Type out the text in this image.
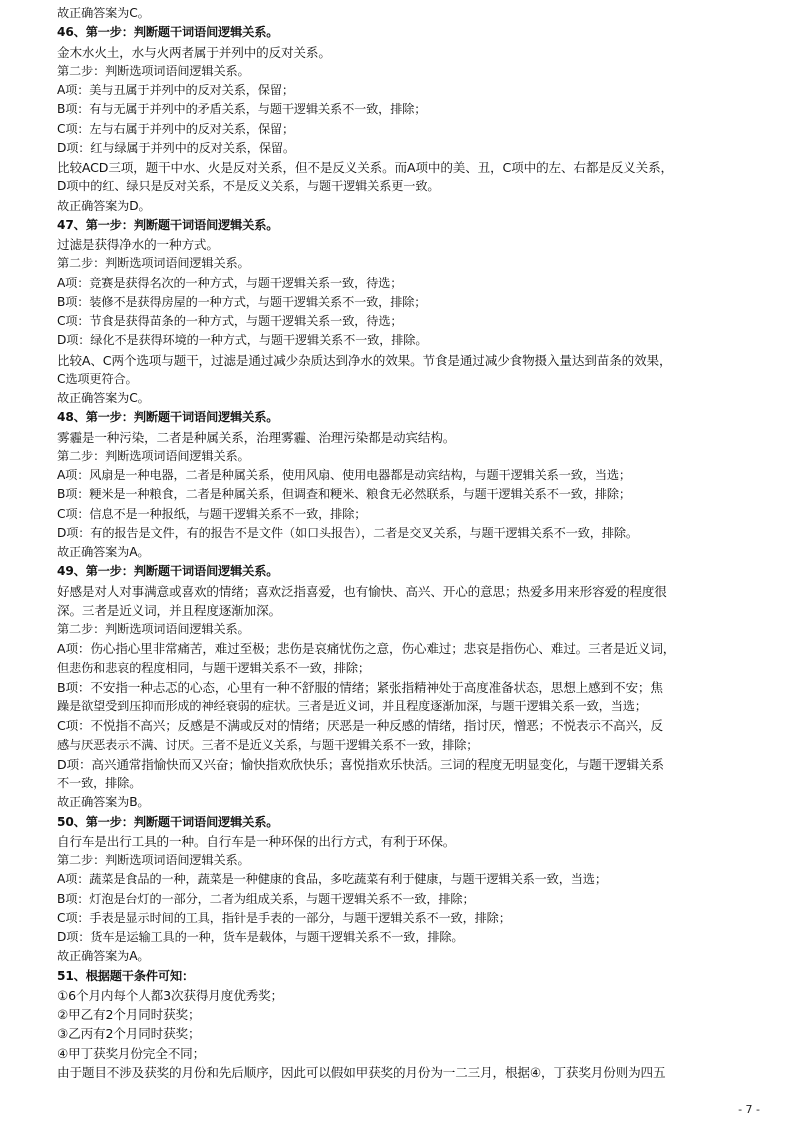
故正确答案为C。
46、第一步：判断题干词语间逻辑关系。
金木水火土，水与火两者属于并列中的反对关系。
第二步：判断选项词语间逻辑关系。
A项：美与丑属于并列中的反对关系，保留；
B项：有与无属于并列中的矛盾关系，与题干逻辑关系不一致，排除；
C项：左与右属于并列中的反对关系，保留；
D项：红与绿属于并列中的反对关系，保留。
比较ACD三项，题干中水、火是反对关系，但不是反义关系。而A项中的美、丑，C项中的左、右都是反义关系，
D项中的红、绿只是反对关系，不是反义关系，与题干逻辑关系更一致。
故正确答案为D。
47、第一步：判断题干词语间逻辑关系。
过滤是获得净水的一种方式。
第二步：判断选项词语间逻辑关系。
A项：竞赛是获得名次的一种方式，与题干逻辑关系一致，待选；
B项：装修不是获得房屋的一种方式，与题干逻辑关系不一致，排除；
C项：节食是获得苗条的一种方式，与题干逻辑关系一致，待选；
D项：绿化不是获得环境的一种方式，与题干逻辑关系不一致，排除。
比较A、C两个选项与题干，过滤是通过减少杂质达到净水的效果。节食是通过减少食物摄入量达到苗条的效果，
C选项更符合。
故正确答案为C。
48、第一步：判断题干词语间逻辑关系。
雾霾是一种污染，二者是种属关系，治理雾霾、治理污染都是动宾结构。
第二步：判断选项词语间逻辑关系。
A项：风扇是一种电器，二者是种属关系，使用风扇、使用电器都是动宾结构，与题干逻辑关系一致，当选；
B项：粳米是一种粮食，二者是种属关系，但调查和粳米、粮食无必然联系，与题干逻辑关系不一致，排除；
C项：信息不是一种报纸，与题干逻辑关系不一致，排除；
D项：有的报告是文件，有的报告不是文件（如口头报告），二者是交叉关系，与题干逻辑关系不一致，排除。
故正确答案为A。
49、第一步：判断题干词语间逻辑关系。
好感是对人对事满意或喜欢的情绪；喜欢泛指喜爱，也有愉快、高兴、开心的意思；热爱多用来形容爱的程度很
深。三者是近义词，并且程度逐渐加深。
第二步：判断选项词语间逻辑关系。
A项：伤心指心里非常痛苦，难过至极；悲伤是哀痛忧伤之意，伤心难过；悲哀是指伤心、难过。三者是近义词，
但悲伤和悲哀的程度相同，与题干逻辑关系不一致，排除；
B项：不安指一种忐忑的心态，心里有一种不舒服的情绪；紧张指精神处于高度准备状态，思想上感到不安；焦
躁是欲望受到压抑而形成的神经衰弱的症状。三者是近义词，并且程度逐渐加深，与题干逻辑关系一致，当选；
C项：不悦指不高兴；反感是不满或反对的情绪；厌恶是一种反感的情绪，指讨厌，憎恶；不悦表示不高兴，反
感与厌恶表示不满、讨厌。三者不是近义关系，与题干逻辑关系不一致，排除；
D项：高兴通常指愉快而又兴奋；愉快指欢欣快乐；喜悦指欢乐快活。三词的程度无明显变化，与题干逻辑关系
不一致，排除。
故正确答案为B。
50、第一步：判断题干词语间逻辑关系。
自行车是出行工具的一种。自行车是一种环保的出行方式，有利于环保。
第二步：判断选项词语间逻辑关系。
A项：蔬菜是食品的一种，蔬菜是一种健康的食品，多吃蔬菜有利于健康，与题干逻辑关系一致，当选；
B项：灯泡是台灯的一部分，二者为组成关系，与题干逻辑关系不一致，排除；
C项：手表是显示时间的工具，指针是手表的一部分，与题干逻辑关系不一致，排除；
D项：货车是运输工具的一种，货车是载体，与题干逻辑关系不一致，排除。
故正确答案为A。
51、根据题干条件可知：
①6个月内每个人都3次获得月度优秀奖；
②甲乙有2个月同时获奖；
③乙丙有2个月同时获奖；
④甲丁获奖月份完全不同；
由于题目不涉及获奖的月份和先后顺序，因此可以假如甲获奖的月份为一二三月，根据④，丁获奖月份则为四五
- 7 -
